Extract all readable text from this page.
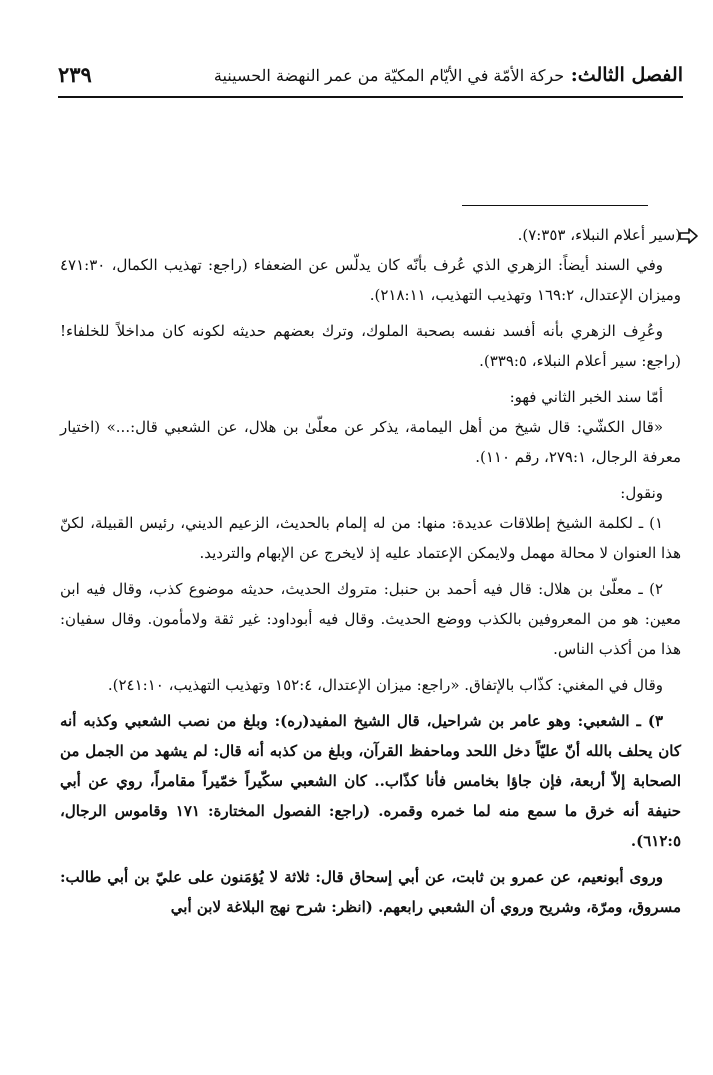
الفصل الثالث: حركة الأمّة في الأيّام المكيّة من عمر النهضة الحسينية
٢٣٩

(سير أعلام النبلاء، ٧:٣٥٣).

وفي السند أيضاً: الزهري الذي عُرف بأنّه كان يدلّس عن الضعفاء (راجع: تهذيب الكمال، ٤٧١:٣٠ وميزان الإعتدال، ١٦٩:٢ وتهذيب التهذيب، ٢١٨:١١).

وعُرِف الزهري بأنه أفسد نفسه بصحبة الملوك، وترك بعضهم حديثه لكونه كان مداخلاً للخلفاء! (راجع: سير أعلام النبلاء، ٣٣٩:٥).

أمّا سند الخبر الثاني فهو:

«قال الكشّي: قال شيخ من أهل اليمامة، يذكر عن معلّىٰ بن هلال، عن الشعبي قال:...» (اختيار معرفة الرجال، ٢٧٩:١، رقم ١١٠).

ونقول:

١) ـ لكلمة الشيخ إطلاقات عديدة: منها: من له إلمام بالحديث، الزعيم الديني، رئيس القبيلة، لكنّ هذا العنوان لا محالة مهمل ولايمكن الإعتماد عليه إذ لايخرج عن الإبهام والترديد.

٢) ـ معلّىٰ بن هلال: قال فيه أحمد بن حنبل: متروك الحديث، حديثه موضوع كذب، وقال فيه ابن معين: هو من المعروفين بالكذب ووضع الحديث. وقال فيه أبوداود: غير ثقة ولامأمون. وقال سفيان: هذا من أكذب الناس.

وقال في المغني: كذّاب بالإتفاق. «راجع: ميزان الإعتدال، ١٥٢:٤ وتهذيب التهذيب، ٢٤١:١٠).

٣) ـ الشعبي: وهو عامر بن شراحيل، قال الشيخ المفيد(ره): وبلغ من نصب الشعبي وكذبه أنه كان يحلف بالله أنّ عليّاً دخل اللحد وماحفظ القرآن، وبلغ من كذبه أنه قال: لم يشهد من الجمل من الصحابة إلاّ أربعة، فإن جاؤا بخامس فأنا كذّاب.. كان الشعبي سكّيراً خمّيراً مقامراً، روي عن أبي حنيفة أنه خرق ما سمع منه لما خمره وقمره. (راجع: الفصول المختارة: ١٧١ وقاموس الرجال، ٦١٢:٥).

وروى أبونعيم، عن عمرو بن ثابت، عن أبي إسحاق قال: ثلاثة لا يُؤمَنون على عليّ بن أبي طالب: مسروق، ومرّة، وشريح وروي أن الشعبي رابعهم. (انظر: شرح نهج البلاغة لابن أبي
